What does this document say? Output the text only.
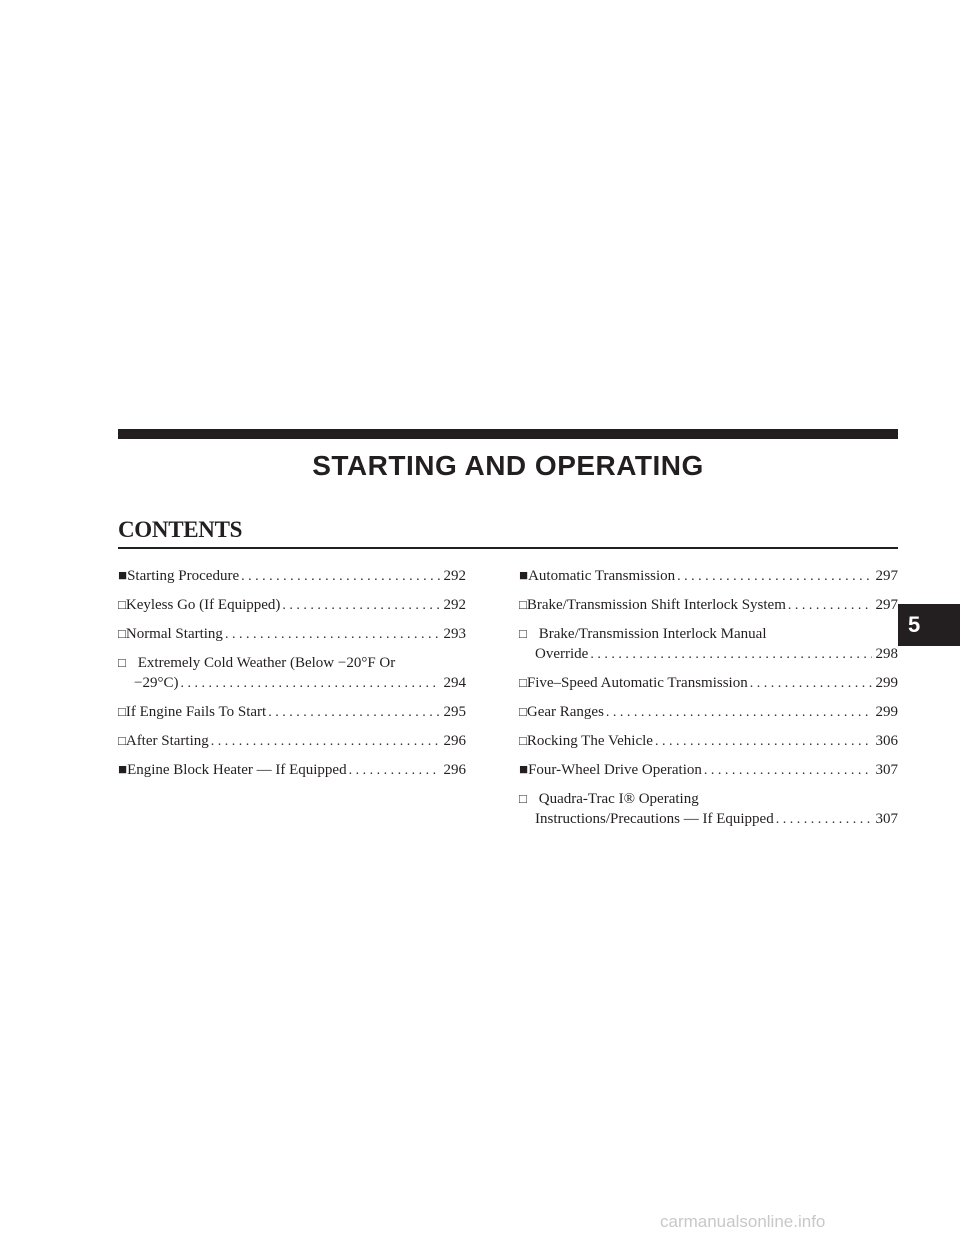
STARTING AND OPERATING
CONTENTS
■ Starting Procedure . . .	292
□ Keyless Go (If Equipped) . . .	292
□ Normal Starting . . .	293
□ Extremely Cold Weather (Below −20°F Or
−29°C) . . .	294
□ If Engine Fails To Start . . .	295
□ After Starting . . .	296
■ Engine Block Heater — If Equipped . . .	296
■ Automatic Transmission . . .	297
□ Brake/Transmission Shift Interlock System . . .	297
□ Brake/Transmission Interlock Manual
Override . . .	298
□ Five–Speed Automatic Transmission . . .	299
□ Gear Ranges . . .	299
□ Rocking The Vehicle . . .	306
■ Four-Wheel Drive Operation . . .	307
□ Quadra-Trac I® Operating
Instructions/Precautions — If Equipped . . .	307
5
carmanualsonline.info
